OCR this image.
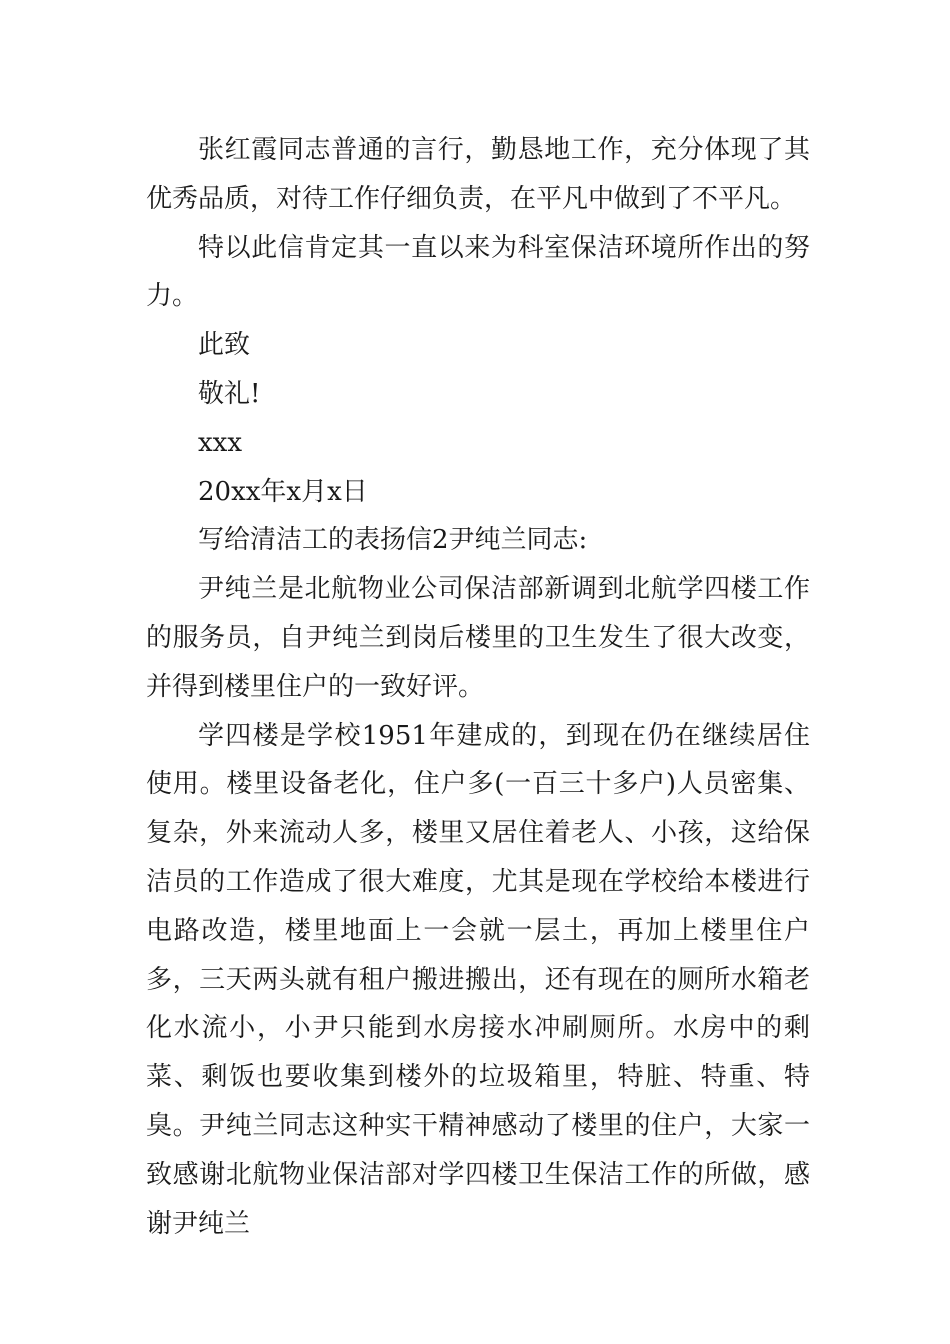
张红霞同志普通的言行，勤恳地工作，充分体现了其优秀品质，对待工作仔细负责，在平凡中做到了不平凡。

特以此信肯定其一直以来为科室保洁环境所作出的努力。

此致

敬礼!

xxx

20xx年x月x日

写给清洁工的表扬信2尹纯兰同志:

尹纯兰是北航物业公司保洁部新调到北航学四楼工作的服务员，自尹纯兰到岗后楼里的卫生发生了很大改变，并得到楼里住户的一致好评。

学四楼是学校1951年建成的，到现在仍在继续居住使用。楼里设备老化，住户多(一百三十多户)人员密集、复杂，外来流动人多，楼里又居住着老人、小孩，这给保洁员的工作造成了很大难度，尤其是现在学校给本楼进行电路改造，楼里地面上一会就一层土，再加上楼里住户多，三天两头就有租户搬进搬出，还有现在的厕所水箱老化水流小，小尹只能到水房接水冲刷厕所。水房中的剩菜、剩饭也要收集到楼外的垃圾箱里，特脏、特重、特臭。尹纯兰同志这种实干精神感动了楼里的住户，大家一致感谢北航物业保洁部对学四楼卫生保洁工作的所做，感谢尹纯兰
